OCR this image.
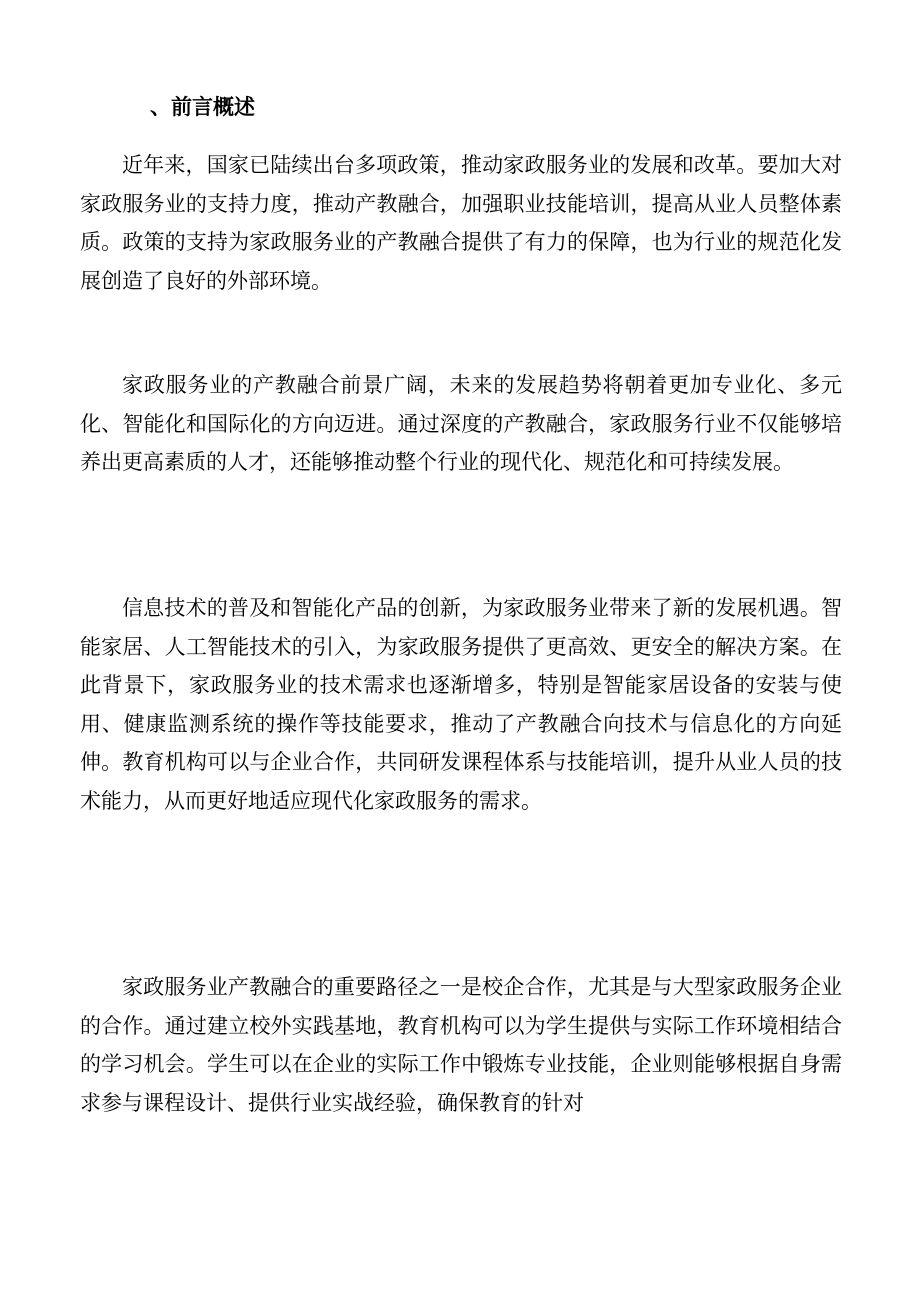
、前言概述

近年来，国家已陆续出台多项政策，推动家政服务业的发展和改革。要加大对家政服务业的支持力度，推动产教融合，加强职业技能培训，提高从业人员整体素质。政策的支持为家政服务业的产教融合提供了有力的保障，也为行业的规范化发展创造了良好的外部环境。

家政服务业的产教融合前景广阔，未来的发展趋势将朝着更加专业化、多元化、智能化和国际化的方向迈进。通过深度的产教融合，家政服务行业不仅能够培养出更高素质的人才，还能够推动整个行业的现代化、规范化和可持续发展。

信息技术的普及和智能化产品的创新，为家政服务业带来了新的发展机遇。智能家居、人工智能技术的引入，为家政服务提供了更高效、更安全的解决方案。在此背景下，家政服务业的技术需求也逐渐增多，特别是智能家居设备的安装与使用、健康监测系统的操作等技能要求，推动了产教融合向技术与信息化的方向延伸。教育机构可以与企业合作，共同研发课程体系与技能培训，提升从业人员的技术能力，从而更好地适应现代化家政服务的需求。

家政服务业产教融合的重要路径之一是校企合作，尤其是与大型家政服务企业的合作。通过建立校外实践基地，教育机构可以为学生提供与实际工作环境相结合的学习机会。学生可以在企业的实际工作中锻炼专业技能，企业则能够根据自身需求参与课程设计、提供行业实战经验，确保教育的针对
